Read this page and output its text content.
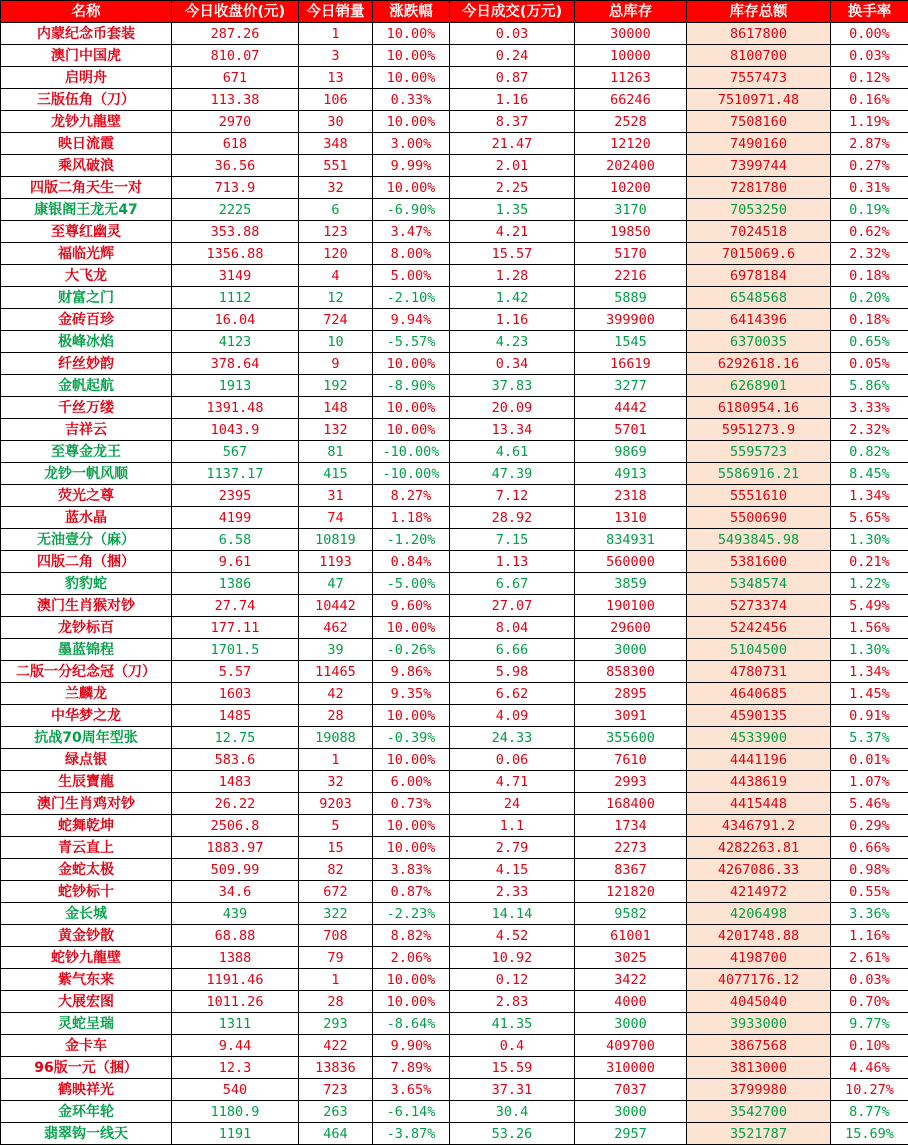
名称	今日收盘价(元)	今日销量	涨跌幅	今日成交(万元)	总库存	库存总额	换手率
内蒙纪念币套装	287.26	1	10.00%	0.03	30000	8617800	0.00%
澳门中国虎	810.07	3	10.00%	0.24	10000	8100700	0.03%
启明舟	671	13	10.00%	0.87	11263	7557473	0.12%
三版伍角（刀）	113.38	106	0.33%	1.16	66246	7510971.48	0.16%
龙钞九龍壁	2970	30	10.00%	8.37	2528	7508160	1.19%
映日流霞	618	348	3.00%	21.47	12120	7490160	2.87%
乘风破浪	36.56	551	9.99%	2.01	202400	7399744	0.27%
四版二角天生一对	713.9	32	10.00%	2.25	10200	7281780	0.31%
康银阁王龙无47	2225	6	-6.90%	1.35	3170	7053250	0.19%
至尊红幽灵	353.88	123	3.47%	4.21	19850	7024518	0.62%
福临光辉	1356.88	120	8.00%	15.57	5170	7015069.6	2.32%
大飞龙	3149	4	5.00%	1.28	2216	6978184	0.18%
财富之门	1112	12	-2.10%	1.42	5889	6548568	0.20%
金砖百珍	16.04	724	9.94%	1.16	399900	6414396	0.18%
极峰冰焰	4123	10	-5.57%	4.23	1545	6370035	0.65%
纤丝妙韵	378.64	9	10.00%	0.34	16619	6292618.16	0.05%
金帆起航	1913	192	-8.90%	37.83	3277	6268901	5.86%
千丝万缕	1391.48	148	10.00%	20.09	4442	6180954.16	3.33%
吉祥云	1043.9	132	10.00%	13.34	5701	5951273.9	2.32%
至尊金龙王	567	81	-10.00%	4.61	9869	5595723	0.82%
龙钞一帆风顺	1137.17	415	-10.00%	47.39	4913	5586916.21	8.45%
荧光之尊	2395	31	8.27%	7.12	2318	5551610	1.34%
蓝水晶	4199	74	1.18%	28.92	1310	5500690	5.65%
无油壹分（麻）	6.58	10819	-1.20%	7.15	834931	5493845.98	1.30%
四版二角（捆）	9.61	1193	0.84%	1.13	560000	5381600	0.21%
豹豹蛇	1386	47	-5.00%	6.67	3859	5348574	1.22%
澳门生肖猴对钞	27.74	10442	9.60%	27.07	190100	5273374	5.49%
龙钞标百	177.11	462	10.00%	8.04	29600	5242456	1.56%
墨蓝锦程	1701.5	39	-0.26%	6.66	3000	5104500	1.30%
二版一分纪念冠（刀）	5.57	11465	9.86%	5.98	858300	4780731	1.34%
兰麟龙	1603	42	9.35%	6.62	2895	4640685	1.45%
中华梦之龙	1485	28	10.00%	4.09	3091	4590135	0.91%
抗战70周年型张	12.75	19088	-0.39%	24.33	355600	4533900	5.37%
绿点银	583.6	1	10.00%	0.06	7610	4441196	0.01%
生辰寶龍	1483	32	6.00%	4.71	2993	4438619	1.07%
澳门生肖鸡对钞	26.22	9203	0.73%	24	168400	4415448	5.46%
蛇舞乾坤	2506.8	5	10.00%	1.1	1734	4346791.2	0.29%
青云直上	1883.97	15	10.00%	2.79	2273	4282263.81	0.66%
金蛇太极	509.99	82	3.83%	4.15	8367	4267086.33	0.98%
蛇钞标十	34.6	672	0.87%	2.33	121820	4214972	0.55%
金长城	439	322	-2.23%	14.14	9582	4206498	3.36%
黄金钞散	68.88	708	8.82%	4.52	61001	4201748.88	1.16%
蛇钞九龍壁	1388	79	2.06%	10.92	3025	4198700	2.61%
紫气东来	1191.46	1	10.00%	0.12	3422	4077176.12	0.03%
大展宏图	1011.26	28	10.00%	2.83	4000	4045040	0.70%
灵蛇呈瑞	1311	293	-8.64%	41.35	3000	3933000	9.77%
金卡车	9.44	422	9.90%	0.4	409700	3867568	0.10%
96版一元（捆）	12.3	13836	7.89%	15.59	310000	3813000	4.46%
鹤映祥光	540	723	3.65%	37.31	7037	3799980	10.27%
金环年轮	1180.9	263	-6.14%	30.4	3000	3542700	8.77%
翡翠钩一线天	1191	464	-3.87%	53.26	2957	3521787	15.69%
